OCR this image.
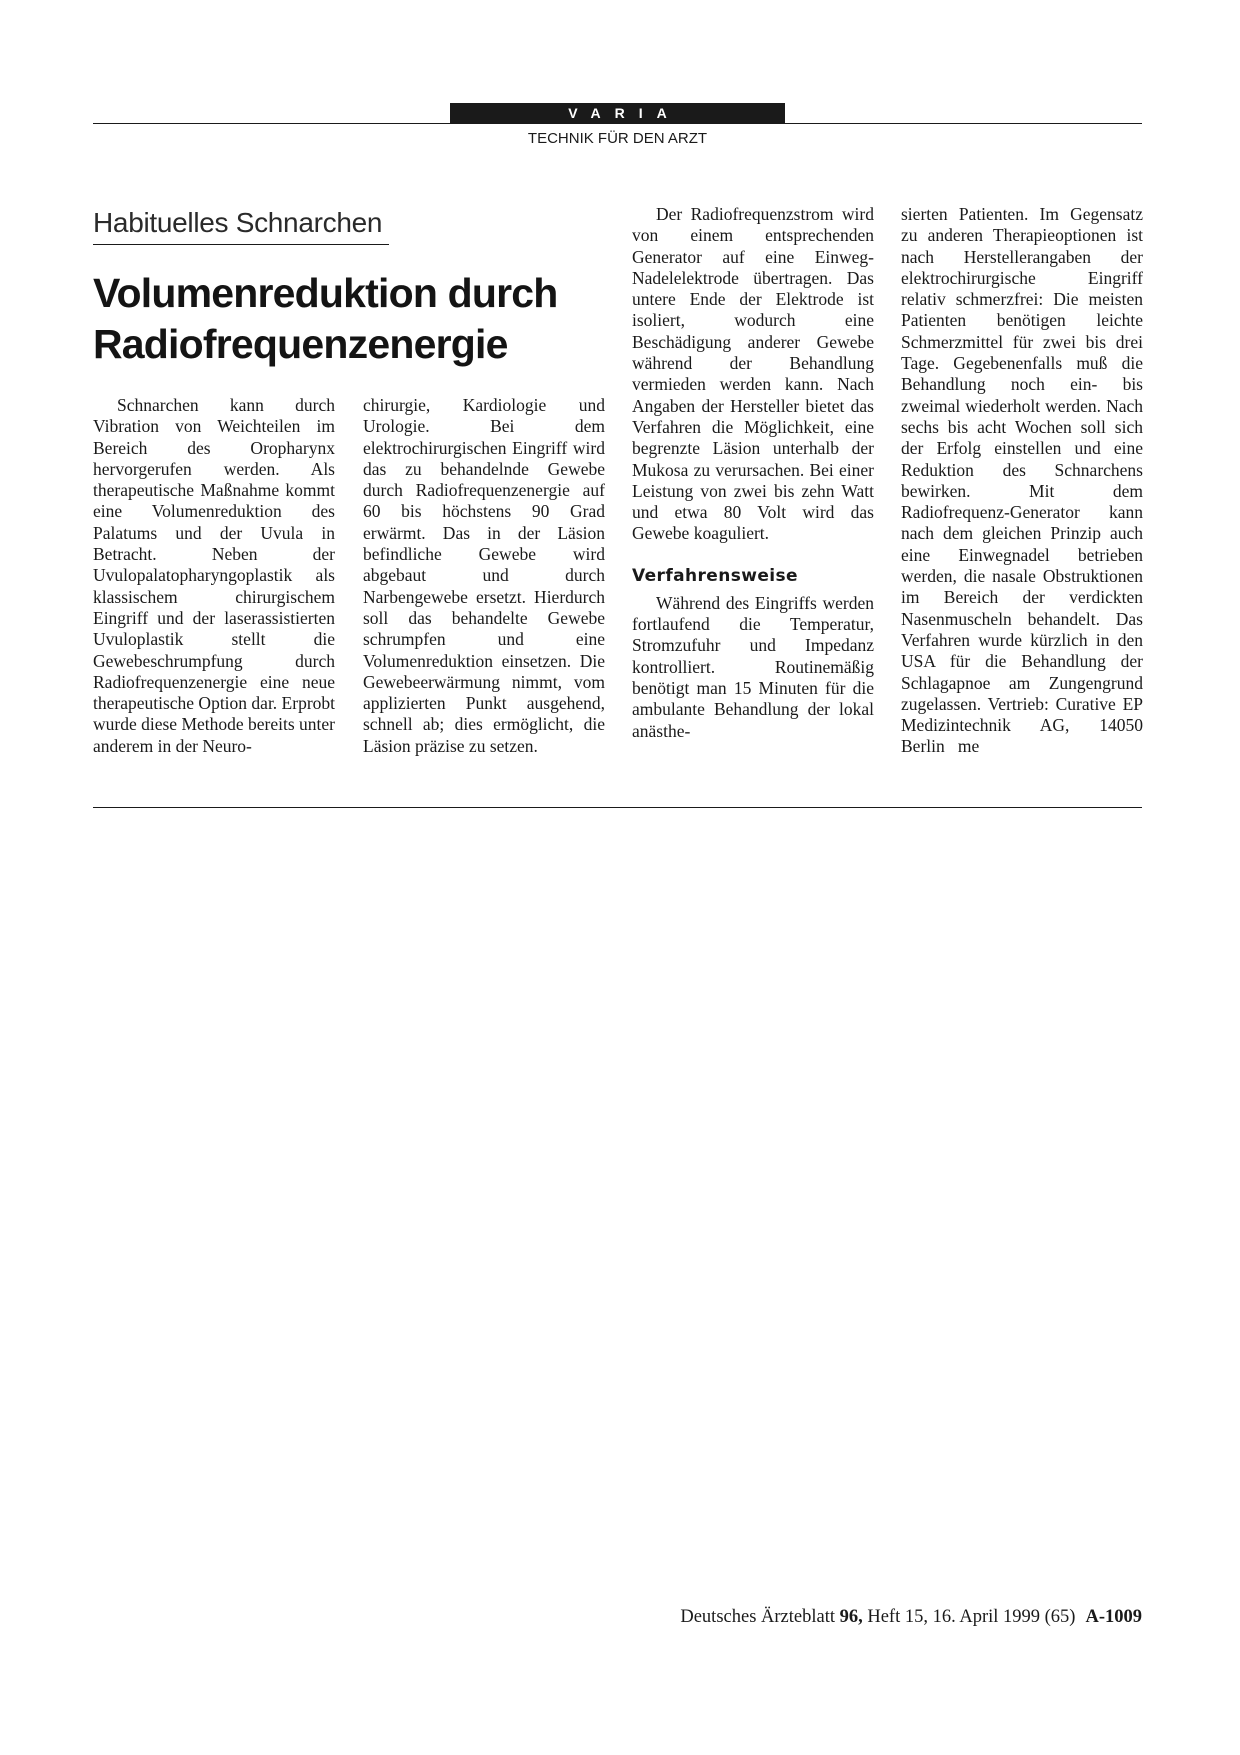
VARIA
TECHNIK FÜR DEN ARZT
Habituelles Schnarchen
Volumenreduktion durch
Radiofrequenzenergie

Schnarchen kann durch Vibration von Weichteilen im Bereich des Oropharynx hervorgerufen werden. Als therapeutische Maßnahme kommt eine Volumenreduktion des Palatums und der Uvula in Betracht. Neben der Uvulopalatopharyngoplastik als klassischem chirurgischem Eingriff und der laserassistierten Uvuloplastik stellt die Gewebeschrumpfung durch Radiofrequenzenergie eine neue therapeutische Option dar. Erprobt wurde diese Methode bereits unter anderem in der Neuro-

chirurgie, Kardiologie und Urologie. Bei dem elektrochirurgischen Eingriff wird das zu behandelnde Gewebe durch Radiofrequenzenergie auf 60 bis höchstens 90 Grad erwärmt. Das in der Läsion befindliche Gewebe wird abgebaut und durch Narbengewebe ersetzt. Hierdurch soll das behandelte Gewebe schrumpfen und eine Volumenreduktion einsetzen. Die Gewebeerwärmung nimmt, vom applizierten Punkt ausgehend, schnell ab; dies ermöglicht, die Läsion präzise zu setzen.

Der Radiofrequenzstrom wird von einem entsprechenden Generator auf eine Einweg-Nadelelektrode übertragen. Das untere Ende der Elektrode ist isoliert, wodurch eine Beschädigung anderer Gewebe während der Behandlung vermieden werden kann. Nach Angaben der Hersteller bietet das Verfahren die Möglichkeit, eine begrenzte Läsion unterhalb der Mukosa zu verursachen. Bei einer Leistung von zwei bis zehn Watt und etwa 80 Volt wird das Gewebe koaguliert.

Verfahrensweise

Während des Eingriffs werden fortlaufend die Temperatur, Stromzufuhr und Impedanz kontrolliert. Routinemäßig benötigt man 15 Minuten für die ambulante Behandlung der lokal anästhe-

sierten Patienten. Im Gegensatz zu anderen Therapieoptionen ist nach Herstellerangaben der elektrochirurgische Eingriff relativ schmerzfrei: Die meisten Patienten benötigen leichte Schmerzmittel für zwei bis drei Tage. Gegebenenfalls muß die Behandlung noch ein- bis zweimal wiederholt werden. Nach sechs bis acht Wochen soll sich der Erfolg einstellen und eine Reduktion des Schnarchens bewirken. Mit dem Radiofrequenz-Generator kann nach dem gleichen Prinzip auch eine Einwegnadel betrieben werden, die nasale Obstruktionen im Bereich der verdickten Nasenmuscheln behandelt. Das Verfahren wurde kürzlich in den USA für die Behandlung der Schlagapnoe am Zungengrund zugelassen. Vertrieb: Curative EP Medizintechnik AG, 14050 Berlin me

Deutsches Ärzteblatt 96, Heft 15, 16. April 1999 (65) A-1009
